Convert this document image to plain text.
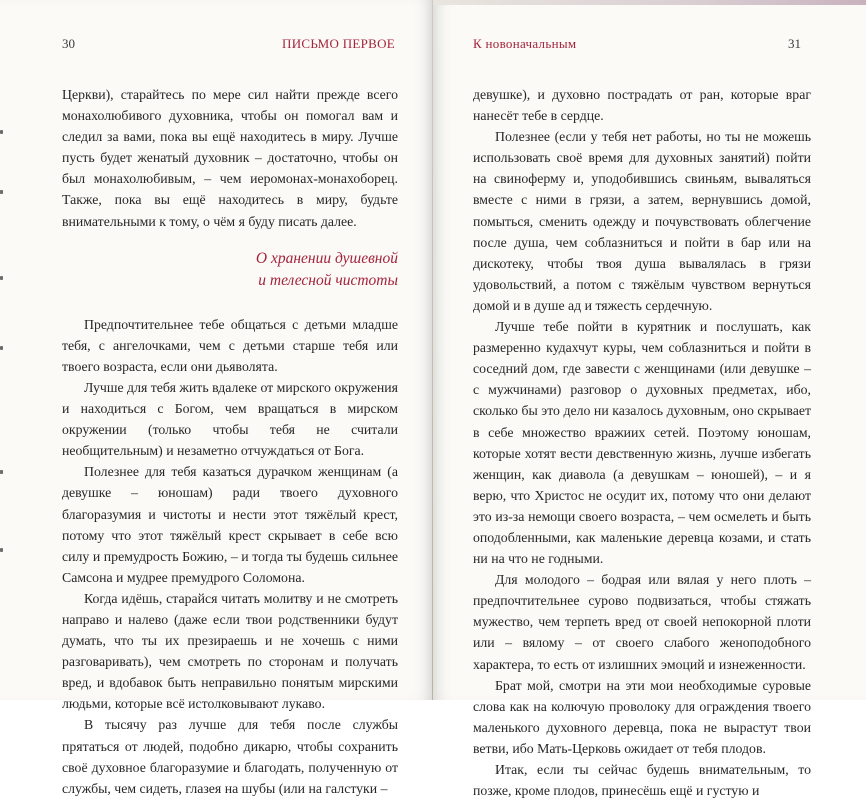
30	ПИСЬМО ПЕРВОЕ

Церкви), старайтесь по мере сил найти прежде всего монахолюбивого духовника, чтобы он помогал вам и следил за вами, пока вы ещё находитесь в миру. Лучше пусть будет женатый духовник – достаточно, чтобы он был монахолюбивым, – чем иеромонах-монахоборец. Также, пока вы ещё находитесь в миру, будьте внимательными к тому, о чём я буду писать далее.

О хранении душевной
и телесной чистоты

Предпочтительнее тебе общаться с детьми младше тебя, с ангелочками, чем с детьми старше тебя или твоего возраста, если они дьяволята.

Лучше для тебя жить вдалеке от мирского окружения и находиться с Богом, чем вращаться в мирском окружении (только чтобы тебя не считали необщительным) и незаметно отчуждаться от Бога.

Полезнее для тебя казаться дурачком женщинам (а девушке – юношам) ради твоего духовного благоразумия и чистоты и нести этот тяжёлый крест, потому что этот тяжёлый крест скрывает в себе всю силу и премудрость Божию, – и тогда ты будешь сильнее Самсона и мудрее премудрого Соломона.

Когда идёшь, старайся читать молитву и не смотреть направо и налево (даже если твои родственники будут думать, что ты их презираешь и не хочешь с ними разговаривать), чем смотреть по сторонам и получать вред, и вдобавок быть неправильно понятым мирскими людьми, которые всё истолковывают лукаво.

В тысячу раз лучше для тебя после службы прятаться от людей, подобно дикарю, чтобы сохранить своё духовное благоразумие и благодать, полученную от службы, чем сидеть, глазея на шубы (или на галстуки –

К новоначальным	31

девушке), и духовно пострадать от ран, которые враг нанесёт тебе в сердце.

Полезнее (если у тебя нет работы, но ты не можешь использовать своё время для духовных занятий) пойти на свиноферму и, уподобившись свиньям, вываляться вместе с ними в грязи, а затем, вернувшись домой, помыться, сменить одежду и почувствовать облегчение после душа, чем соблазниться и пойти в бар или на дискотеку, чтобы твоя душа вывалялась в грязи удовольствий, а потом с тяжёлым чувством вернуться домой и в душе ад и тяжесть сердечную.

Лучше тебе пойти в курятник и послушать, как размеренно кудахчут куры, чем соблазниться и пойти в соседний дом, где завести с женщинами (или девушке – с мужчинами) разговор о духовных предметах, ибо, сколько бы это дело ни казалось духовным, оно скрывает в себе множество вражиих сетей. Поэтому юношам, которые хотят вести девственную жизнь, лучше избегать женщин, как диавола (а девушкам – юношей), – и я верю, что Христос не осудит их, потому что они делают это из-за немощи своего возраста, – чем осмелеть и быть оподобленными, как маленькие деревца козами, и стать ни на что не годными.

Для молодого – бодрая или вялая у него плоть – предпочтительнее сурово подвизаться, чтобы стяжать мужество, чем терпеть вред от своей непокорной плоти или – вялому – от своего слабого женоподобного характера, то есть от излишних эмоций и изнеженности.

Брат мой, смотри на эти мои необходимые суровые слова как на колючую проволоку для ограждения твоего маленького духовного деревца, пока не вырастут твои ветви, ибо Мать-Церковь ожидает от тебя плодов.

Итак, если ты сейчас будешь внимательным, то позже, кроме плодов, принесёшь ещё и густую и
